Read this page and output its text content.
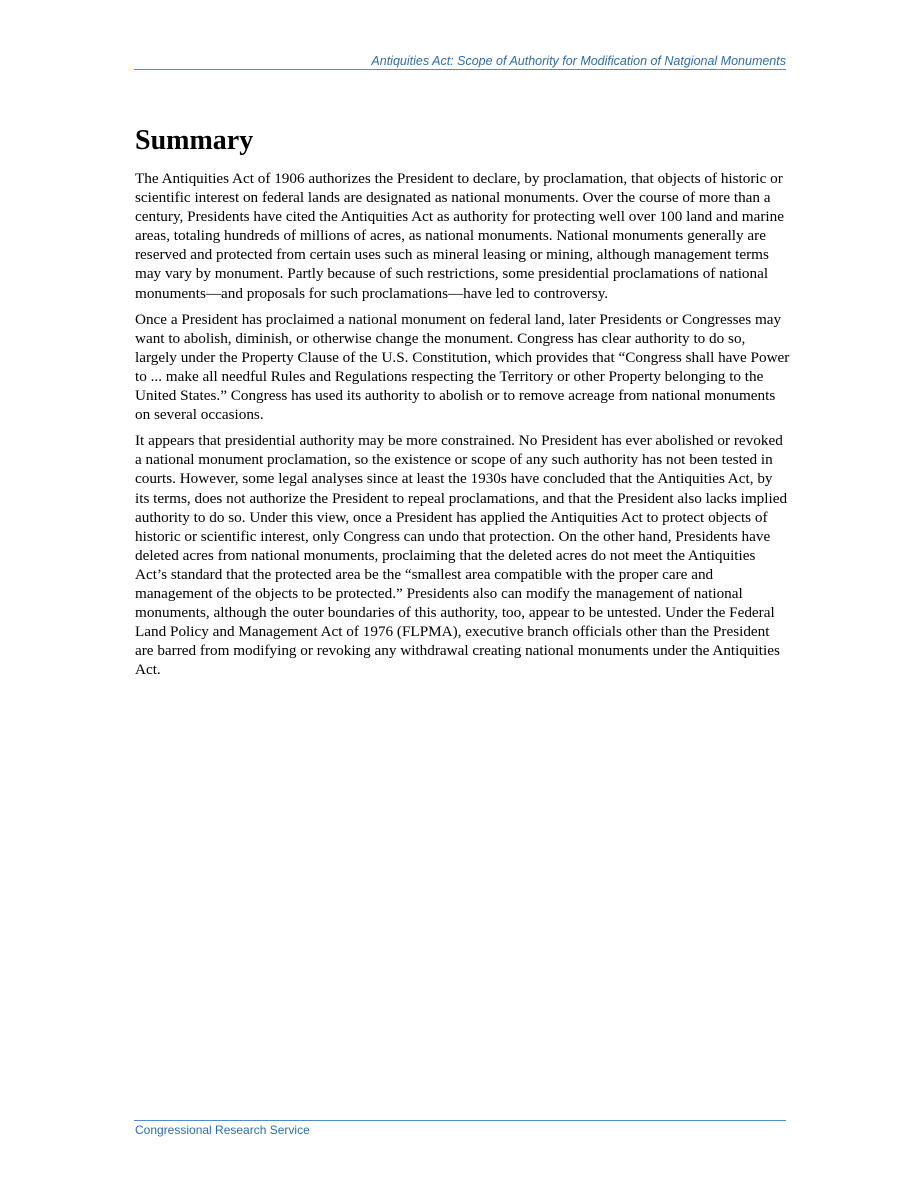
Antiquities Act: Scope of Authority for Modification of Natgional Monuments
Summary

The Antiquities Act of 1906 authorizes the President to declare, by proclamation, that objects of historic or scientific interest on federal lands are designated as national monuments. Over the course of more than a century, Presidents have cited the Antiquities Act as authority for protecting well over 100 land and marine areas, totaling hundreds of millions of acres, as national monuments. National monuments generally are reserved and protected from certain uses such as mineral leasing or mining, although management terms may vary by monument. Partly because of such restrictions, some presidential proclamations of national monuments—and proposals for such proclamations—have led to controversy.

Once a President has proclaimed a national monument on federal land, later Presidents or Congresses may want to abolish, diminish, or otherwise change the monument. Congress has clear authority to do so, largely under the Property Clause of the U.S. Constitution, which provides that “Congress shall have Power to ... make all needful Rules and Regulations respecting the Territory or other Property belonging to the United States.” Congress has used its authority to abolish or to remove acreage from national monuments on several occasions.

It appears that presidential authority may be more constrained. No President has ever abolished or revoked a national monument proclamation, so the existence or scope of any such authority has not been tested in courts. However, some legal analyses since at least the 1930s have concluded that the Antiquities Act, by its terms, does not authorize the President to repeal proclamations, and that the President also lacks implied authority to do so. Under this view, once a President has applied the Antiquities Act to protect objects of historic or scientific interest, only Congress can undo that protection. On the other hand, Presidents have deleted acres from national monuments, proclaiming that the deleted acres do not meet the Antiquities Act’s standard that the protected area be the “smallest area compatible with the proper care and management of the objects to be protected.” Presidents also can modify the management of national monuments, although the outer boundaries of this authority, too, appear to be untested. Under the Federal Land Policy and Management Act of 1976 (FLPMA), executive branch officials other than the President are barred from modifying or revoking any withdrawal creating national monuments under the Antiquities Act.

Congressional Research Service
